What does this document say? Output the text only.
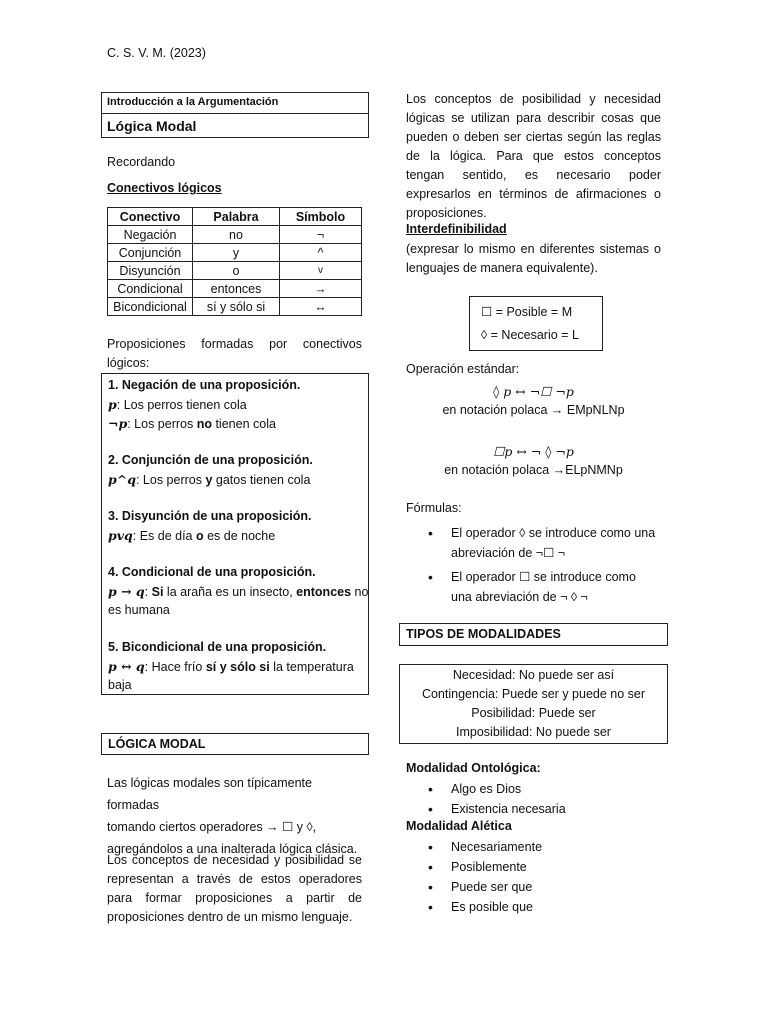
C. S. V. M. (2023)
Introducción a la Argumentación
Lógica Modal
Recordando
Conectivos lógicos
Conectivo	Palabra	Símbolo
Negación	no	¬
Conjunción	y	^
Disyunción	o	v
Condicional	entonces	→
Bicondicional	sí y sólo si	↔
Proposiciones formadas por conectivos lógicos:
1. Negación de una proposición.
p: Los perros tienen cola
¬p: Los perros no tienen cola
2. Conjunción de una proposición.
p^q: Los perros y gatos tienen cola
3. Disyunción de una proposición.
pvq: Es de día o es de noche
4. Condicional de una proposición.
p → q: Si la araña es un insecto, entonces no
es humana
5. Bicondicional de una proposición.
p ↔ q: Hace frío sí y sólo si la temperatura
baja
LÓGICA MODAL
Las lógicas modales son típicamente formadas
tomando ciertos operadores → ☐ y ◊,
agregándolos a una inalterada lógica clásica.
Los conceptos de necesidad y posibilidad se representan a través de estos operadores para formar proposiciones a partir de proposiciones dentro de un mismo lenguaje.
Los conceptos de posibilidad y necesidad lógicas se utilizan para describir cosas que pueden o deben ser ciertas según las reglas de la lógica. Para que estos conceptos tengan sentido, es necesario poder expresarlos en términos de afirmaciones o proposiciones.
Interdefinibilidad
(expresar lo mismo en diferentes sistemas o lenguajes de manera equivalente).
☐ = Posible = M
◊ = Necesario = L
Operación estándar:
◊ p ↔ ¬☐ ¬p
en notación polaca → EMpNLNp
☐p ↔ ¬ ◊ ¬p
en notación polaca →ELpNMNp
Fórmulas:
• El operador ◊ se introduce como una
abreviación de ¬☐ ¬
• El operador ☐ se introduce como
una abreviación de ¬ ◊ ¬
TIPOS DE MODALIDADES
Necesidad: No puede ser así
Contingencia: Puede ser y puede no ser
Posibilidad: Puede ser
Imposibilidad: No puede ser
Modalidad Ontológica:
• Algo es Dios
• Existencia necesaria
Modalidad Alética
• Necesariamente
• Posiblemente
• Puede ser que
• Es posible que
